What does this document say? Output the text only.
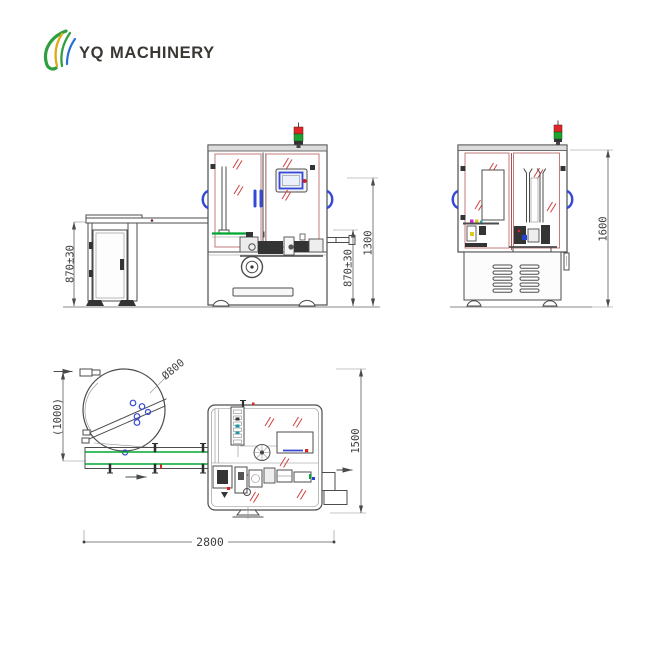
YQ MACHINERY
870±30	870±30
1300
1600
Ø800
(1000)
1500
2800
